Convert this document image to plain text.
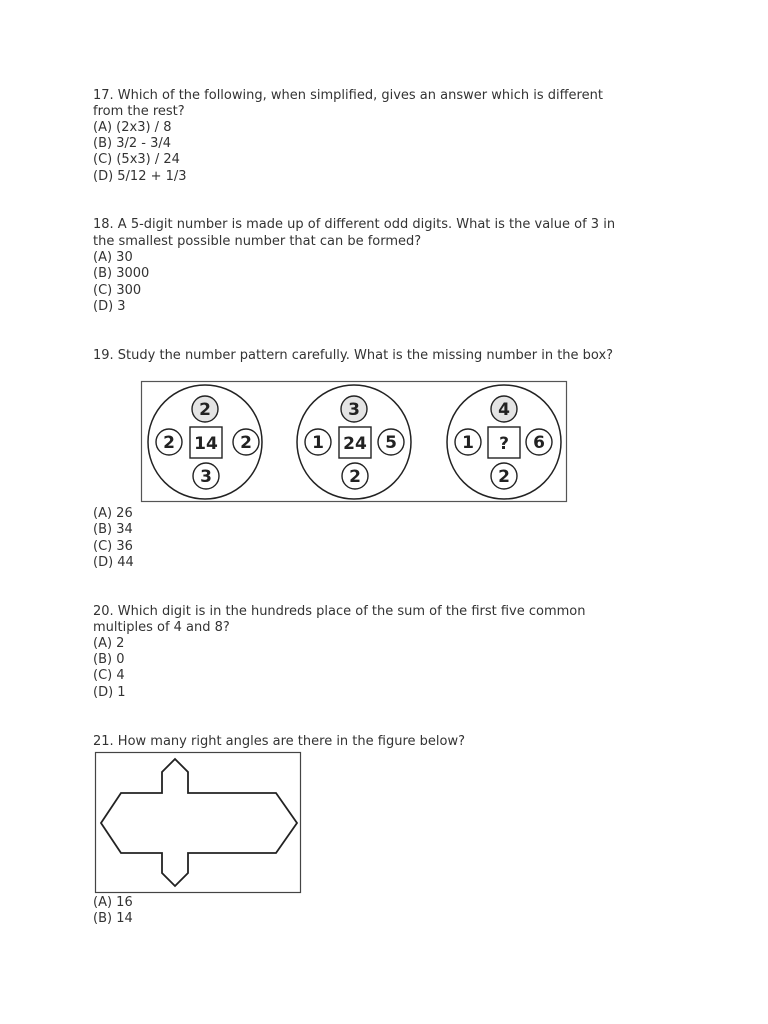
17. Which of the following, when simplified, gives an answer which is different

from the rest?

(A) (2x3) / 8

(B) 3/2 - 3/4

(C) (5x3) / 24

(D) 5/12 + 1/3

18. A 5-digit number is made up of different odd digits. What is the value of 3 in

the smallest possible number that can be formed?

(A) 30

(B) 3000

(C) 300

(D) 3

19. Study the number pattern carefully. What is the missing number in the box?

2
2 14 2
3
3
1 24 5
2
4
1 ? 6
2

(A) 26

(B) 34

(C) 36

(D) 44

20. Which digit is in the hundreds place of the sum of the first five common

multiples of 4 and 8?

(A) 2

(B) 0

(C) 4

(D) 1

21. How many right angles are there in the figure below?

(A) 16

(B) 14
